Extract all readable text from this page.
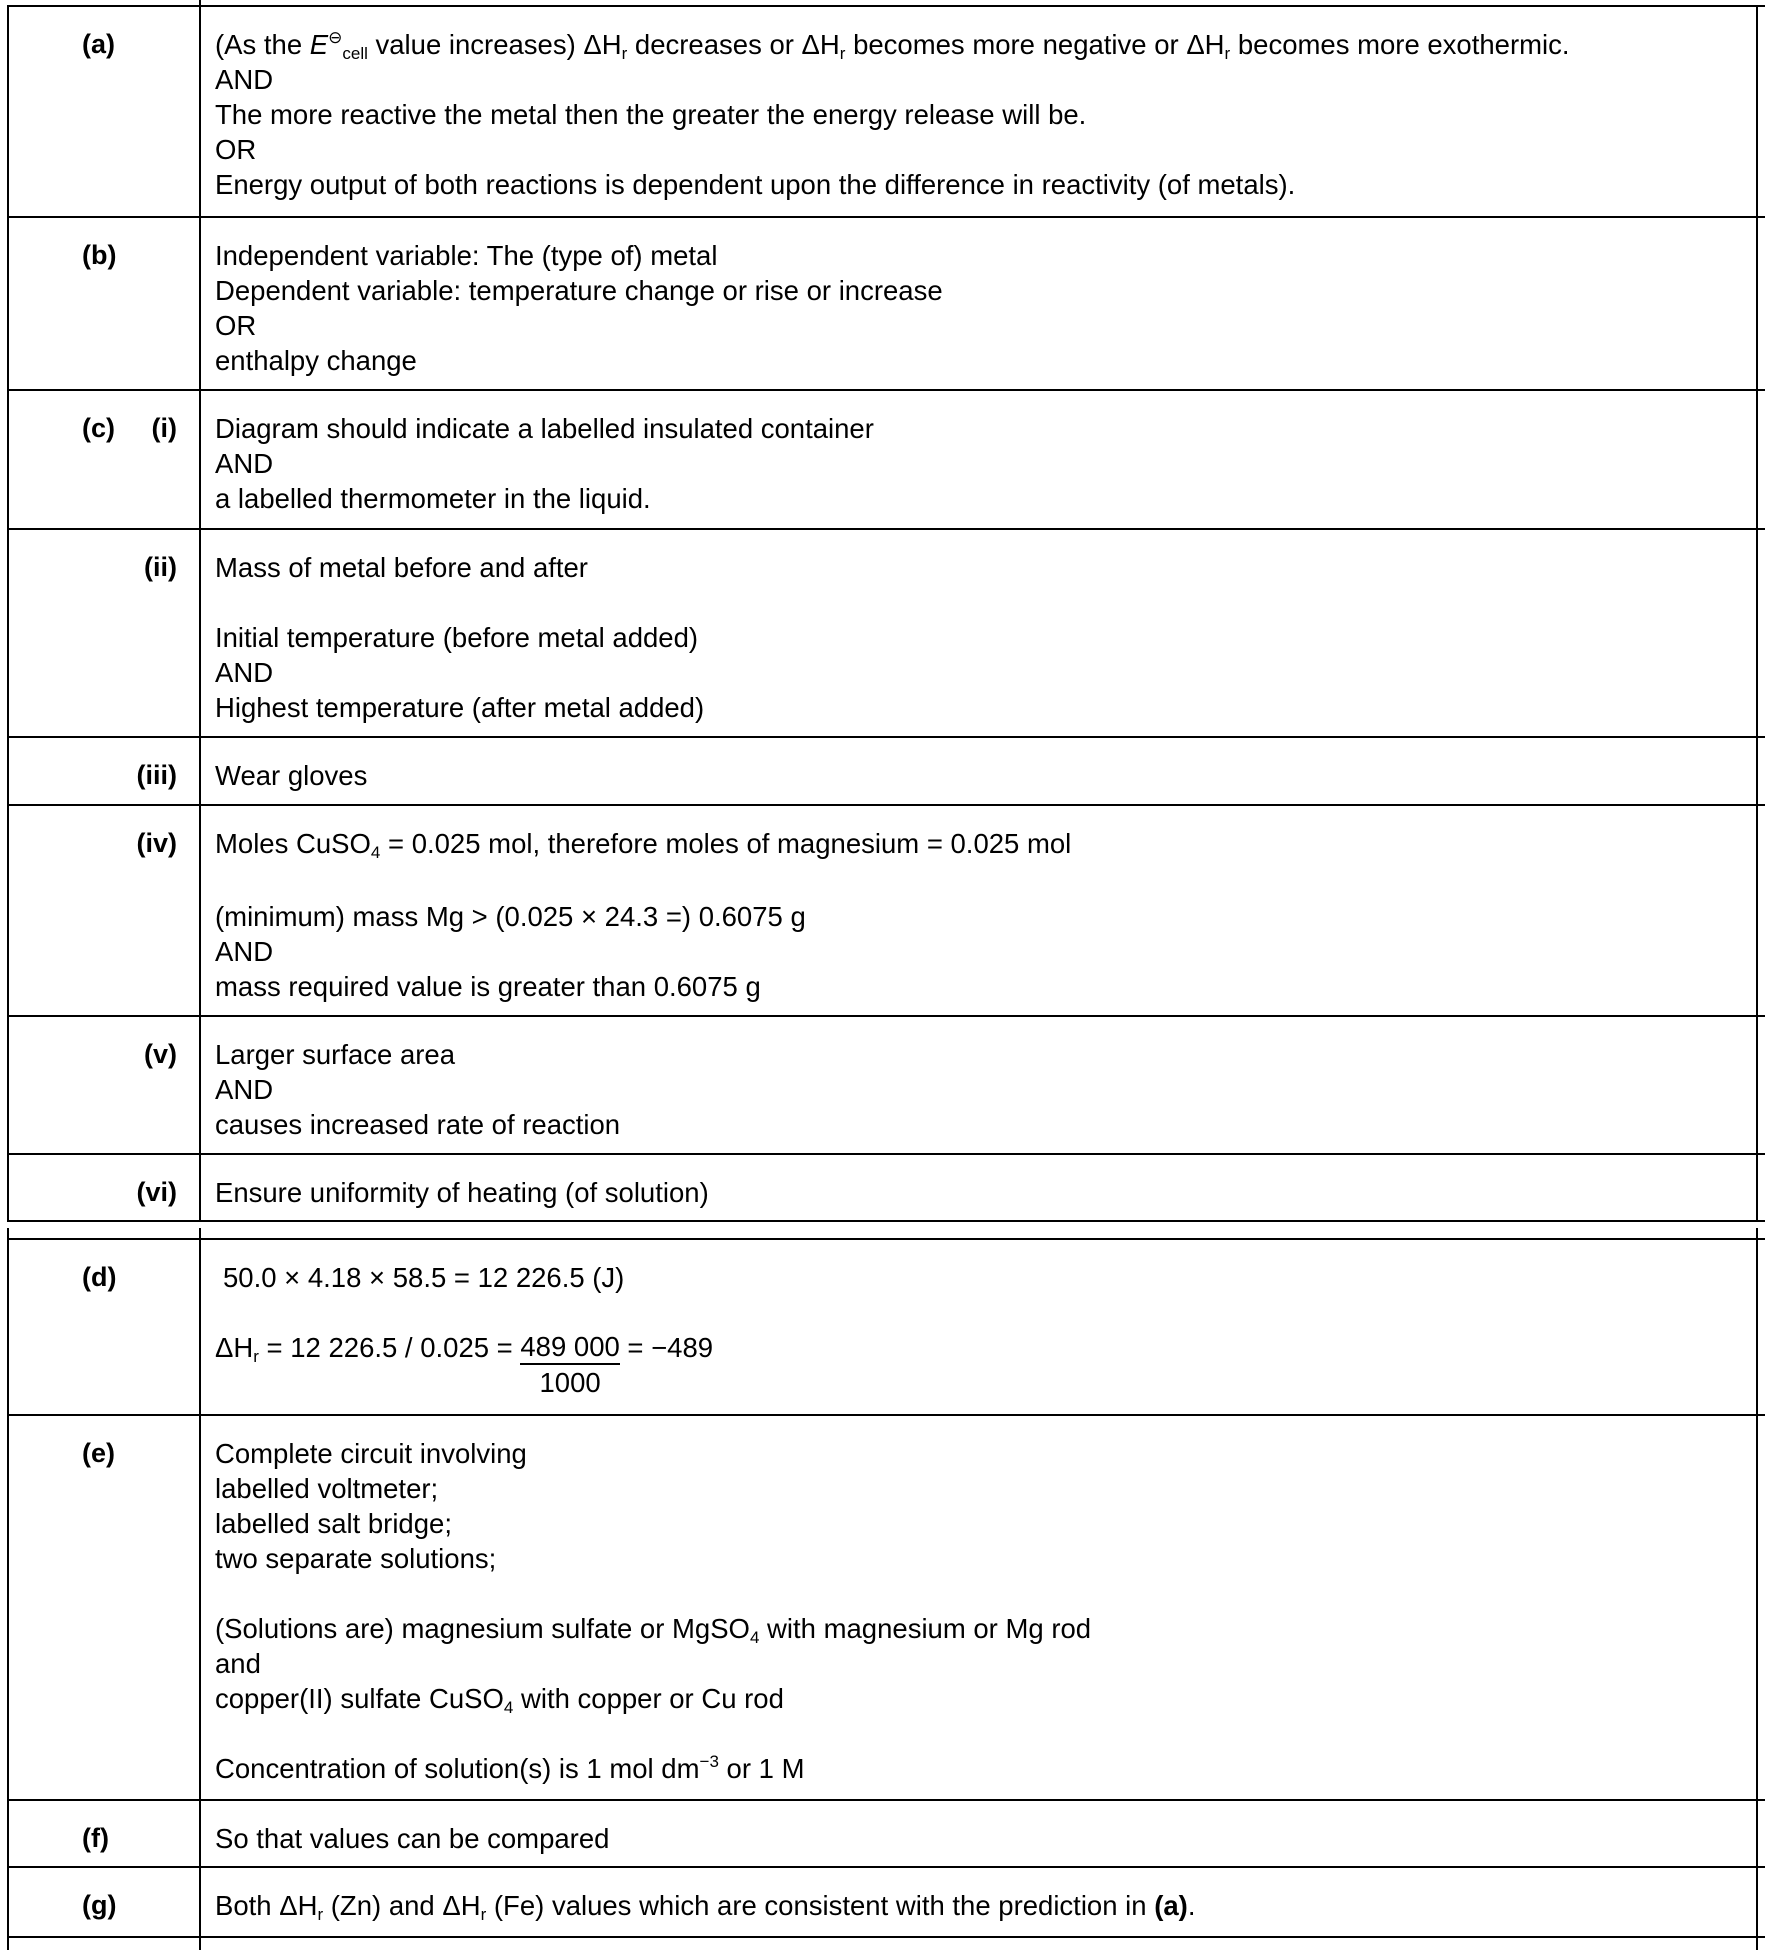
(a)	(As the $E^⊖_{cell}$ value increases) $\Delta H_r$ decreases or $\Delta H_r$ becomes more negative or $\Delta H_r$ becomes more exothermic.
AND
The more reactive the metal then the greater the energy release will be.
OR
Energy output of both reactions is dependent upon the difference in reactivity (of metals).
(b)	Independent variable: The (type of) metal
Dependent variable: temperature change or rise or increase
OR
enthalpy change
(c) (i) Diagram should indicate a labelled insulated container
AND
a labelled thermometer in the liquid.
(ii) Mass of metal before and after
Initial temperature (before metal added)
AND
Highest temperature (after metal added)
(iii) Wear gloves
(iv) Moles CuSO$_4$ = 0.025 mol, therefore moles of magnesium = 0.025 mol
(minimum) mass Mg > (0.025 × 24.3 =) 0.6075 g
AND
mass required value is greater than 0.6075 g
(v) Larger surface area
AND
causes increased rate of reaction
(vi) Ensure uniformity of heating (of solution)
(d)	50.0 × 4.18 × 58.5 = 12 226.5 (J)
$\Delta H_r = 12$ $226.5 / 0.025 = \frac{489 000}{1000} = -489$
(e)	Complete circuit involving
labelled voltmeter;
labelled salt bridge;
two separate solutions;
(Solutions are) magnesium sulfate or MgSO$_4$ with magnesium or Mg rod
and
copper(II) sulfate CuSO$_4$ with copper or Cu rod
Concentration of solution(s) is 1 mol $dm^{-3}$ or 1 M
(f)	So that values can be compared
(g)	Both $\Delta H_r$ (Zn) and $\Delta H_r$ (Fe) values which are consistent with the prediction in (a).
